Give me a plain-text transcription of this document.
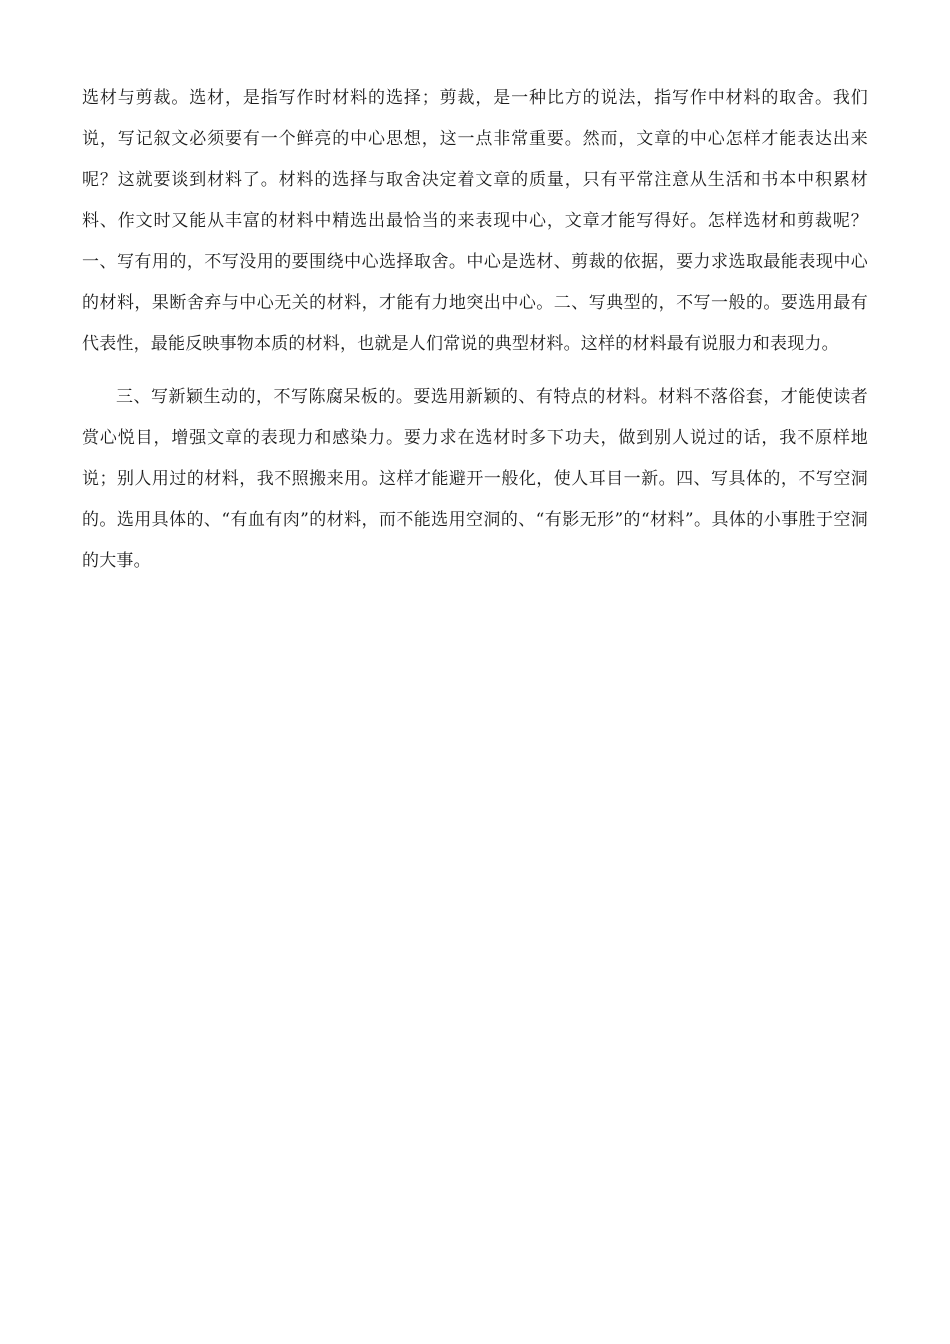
选材与剪裁。选材，是指写作时材料的选择；剪裁，是一种比方的说法，指写作中材料的取舍。我们说，写记叙文必须要有一个鲜亮的中心思想，这一点非常重要。然而，文章的中心怎样才能表达出来呢？这就要谈到材料了。材料的选择与取舍决定着文章的质量，只有平常注意从生活和书本中积累材料、作文时又能从丰富的材料中精选出最恰当的来表现中心，文章才能写得好。怎样选材和剪裁呢？一、写有用的，不写没用的要围绕中心选择取舍。中心是选材、剪裁的依据，要力求选取最能表现中心的材料，果断舍弃与中心无关的材料，才能有力地突出中心。二、写典型的，不写一般的。要选用最有代表性，最能反映事物本质的材料，也就是人们常说的典型材料。这样的材料最有说服力和表现力。

三、写新颖生动的，不写陈腐呆板的。要选用新颖的、有特点的材料。材料不落俗套，才能使读者赏心悦目，增强文章的表现力和感染力。要力求在选材时多下功夫，做到别人说过的话，我不原样地说；别人用过的材料，我不照搬来用。这样才能避开一般化，使人耳目一新。四、写具体的，不写空洞的。选用具体的、“有血有肉”的材料，而不能选用空洞的、“有影无形”的“材料”。具体的小事胜于空洞的大事。
